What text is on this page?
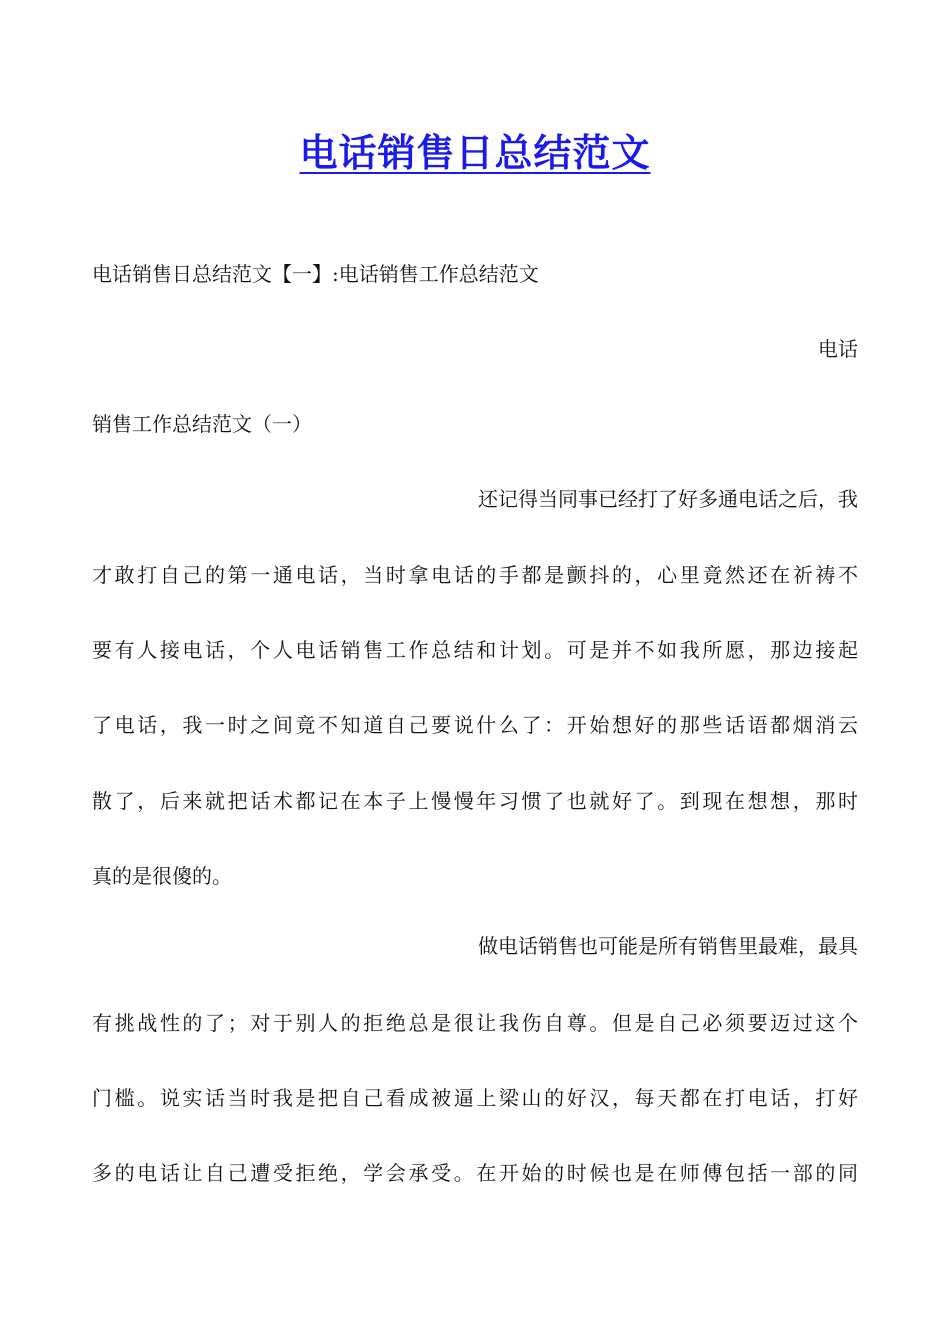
电话销售日总结范文

电话销售日总结范文【一】:电话销售工作总结范文

电话

销售工作总结范文（一）

还记得当同事已经打了好多通电话之后，我

才敢打自己的第一通电话，当时拿电话的手都是颤抖的，心里竟然还在祈祷不

要有人接电话，个人电话销售工作总结和计划。可是并不如我所愿，那边接起

了电话，我一时之间竟不知道自己要说什么了：开始想好的那些话语都烟消云

散了，后来就把话术都记在本子上慢慢年习惯了也就好了。到现在想想，那时

真的是很傻的。

做电话销售也可能是所有销售里最难，最具

有挑战性的了；对于别人的拒绝总是很让我伤自尊。但是自己必须要迈过这个

门槛。说实话当时我是把自己看成被逼上梁山的好汉，每天都在打电话，打好

多的电话让自己遭受拒绝，学会承受。在开始的时候也是在师傅包括一部的同
